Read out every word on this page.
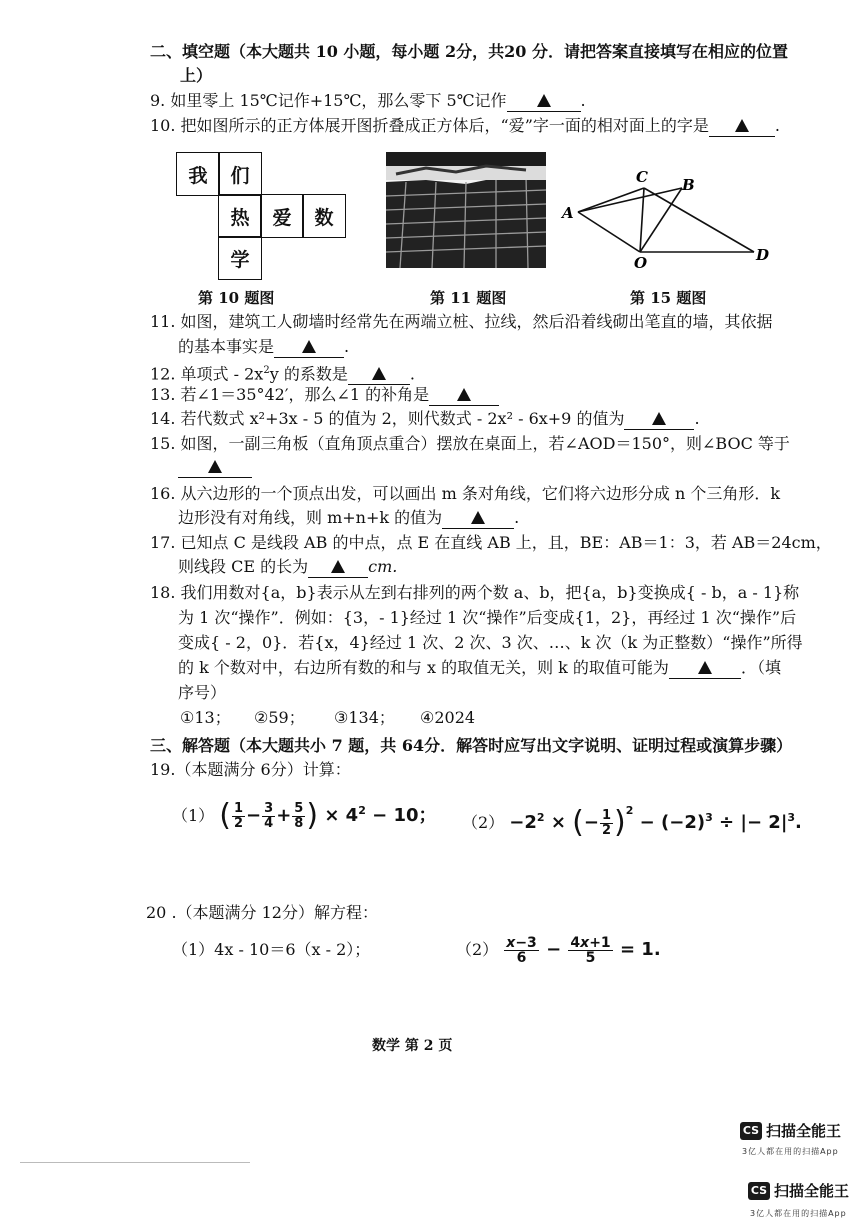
二、填空题（本大题共 10 小题，每小题 2分，共20 分．请把答案直接填写在相应的位置
上）
9. 如里零上 15℃记作+15℃，那么零下 5℃记作	.
10. 把如图所示的正方体展开图折叠成正方体后，“爱”字一面的相对面上的字是	.
我	们
热	爱	数
学
第 10 题图	第 11 题图
A
C B
O	D
第 15 题图
11. 如图，建筑工人砌墙时经常先在两端立桩、拉线，然后沿着线砌出笔直的墙，其依据
的基本事实是	.
12. 单项式 - $2x^2y$ 的系数是	.
13. 若∠1＝35°42′，那么∠1 的补角是
14. 若代数式 x²+3x - 5 的值为 2，则代数式 - 2x² - 6x+9 的值为	.
15. 如图，一副三角板（直角顶点重合）摆放在桌面上，若∠AOD＝150°，则∠BOC 等于
16. 从六边形的一个顶点出发，可以画出 m 条对角线，它们将六边形分成 n 个三角形．k
边形没有对角线，则 m+n+k 的值为	.
17. 已知点 C 是线段 AB 的中点，点 E 在直线 AB 上，且，BE：AB＝1：3，若 AB＝24cm，
则线段 CE 的长为	cm.
18. 我们用数对{a，b}表示从左到右排列的两个数 a、b，把{a，b}变换成{ - b，a - 1}称
为 1 次“操作”．例如：{3，- 1}经过 1 次“操作”后变成{1，2}，再经过 1 次“操作”后
变成{ - 2，0}．若{x，4}经过 1 次、2 次、3 次、…、k 次（k 为正整数）“操作”所得
的 k 个数对中，右边所有数的和与 x 的取值无关，则 k 的取值可能为	．（填
序号）
①13； ②59； ③134； ④2024
三、解答题（本大题共小 7 题，共 64分．解答时应写出文字说明、证明过程或演算步骤）
19.（本题满分 6分）计算：
（1） ( $\frac{1}{2} - \frac{3}{4} + \frac{5}{8}$ ) × $4^2 - 10$； $(2) -2^2$ × (− $\frac{1}{2} )^2 - (-2)^3$ ÷ |− $2|^3$.
20 .（本题满分 12分）解方程：
（1）4x - 10＝6（x - 2）；	$(2) \frac{x-3}{6} - \frac{4x+1}{5} = 1$.
数学 第 2 页
CS 扫描全能王
3亿人都在用的扫描App
CS 扫描全能王
3亿人都在用的扫描App
